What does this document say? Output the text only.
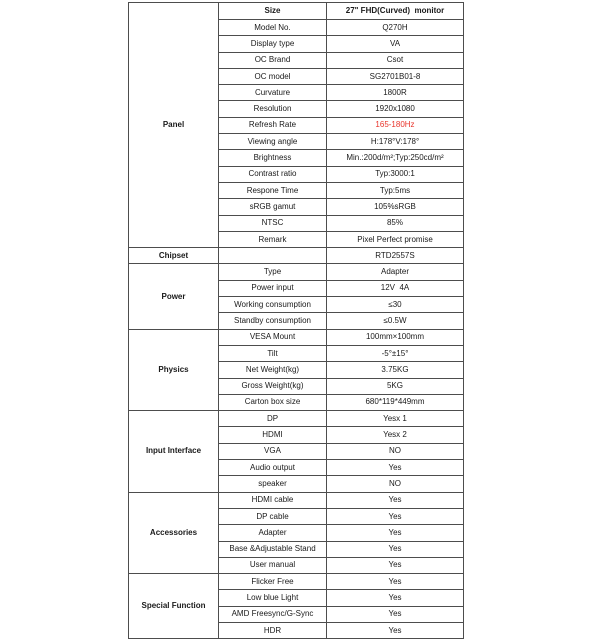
Panel	Size	27" FHD(Curved)  monitor
	Model No.	Q270H
	Display type	VA
	OC Brand	Csot
	OC model	SG2701B01-8
	Curvature	1800R
	Resolution	1920x1080
	Refresh Rate	165-180Hz
	Viewing angle	H:178°V:178°
	Brightness	Min.:200d/m²;Typ:250cd/m²
	Contrast ratio	Typ:3000:1
	Respone Time	Typ:5ms
	sRGB gamut	105%sRGB
	NTSC	85%
	Remark	Pixel Perfect promise
Chipset		RTD2557S
Power	Type	Adapter
	Power input	12V  4A
	Working consumption	≤30
	Standby consumption	≤0.5W
Physics	VESA Mount	100mm×100mm
	Tilt	-5°±15°
	Net Weight(kg)	3.75KG
	Gross Weight(kg)	5KG
	Carton box size	680*119*449mm
Input Interface	DP	Yesx 1
	HDMI	Yesx 2
	VGA	NO
	Audio output	Yes
	speaker	NO
Accessories	HDMI cable	Yes
	DP cable	Yes
	Adapter	Yes
	Base &Adjustable Stand	Yes
	User manual	Yes
Special Function	Flicker Free	Yes
	Low blue Light	Yes
	AMD Freesync/G-Sync	Yes
	HDR	Yes
